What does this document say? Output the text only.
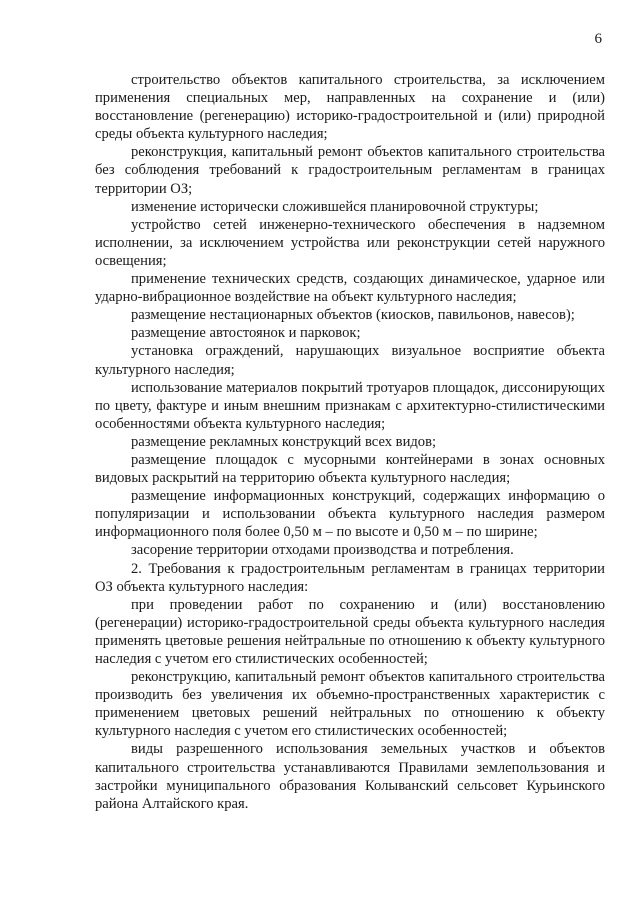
6

строительство объектов капитального строительства, за исключением применения специальных мер, направленных на сохранение и (или) восстановление (регенерацию) историко-градостроительной и (или) природной среды объекта культурного наследия;

реконструкция, капитальный ремонт объектов капитального строительства без соблюдения требований к градостроительным регламентам в границах территории ОЗ;

изменение исторически сложившейся планировочной структуры;

устройство сетей инженерно-технического обеспечения в надземном исполнении, за исключением устройства или реконструкции сетей наружного освещения;

применение технических средств, создающих динамическое, ударное или ударно-вибрационное воздействие на объект культурного наследия;

размещение нестационарных объектов (киосков, павильонов, навесов);

размещение автостоянок и парковок;

установка ограждений, нарушающих визуальное восприятие объекта культурного наследия;

использование материалов покрытий тротуаров площадок, диссонирующих по цвету, фактуре и иным внешним признакам с архитектурно-стилистическими особенностями объекта культурного наследия;

размещение рекламных конструкций всех видов;

размещение площадок с мусорными контейнерами в зонах основных видовых раскрытий на территорию объекта культурного наследия;

размещение информационных конструкций, содержащих информацию о популяризации и использовании объекта культурного наследия размером информационного поля более 0,50 м – по высоте и 0,50 м – по ширине;

засорение территории отходами производства и потребления.

2. Требования к градостроительным регламентам в границах территории ОЗ объекта культурного наследия:

при проведении работ по сохранению и (или) восстановлению (регенерации) историко-градостроительной среды объекта культурного наследия применять цветовые решения нейтральные по отношению к объекту культурного наследия с учетом его стилистических особенностей;

реконструкцию, капитальный ремонт объектов капитального строительства производить без увеличения их объемно-пространственных характеристик с применением цветовых решений нейтральных по отношению к объекту культурного наследия с учетом его стилистических особенностей;

виды разрешенного использования земельных участков и объектов капитального строительства устанавливаются Правилами землепользования и застройки муниципального образования Колыванский сельсовет Курьинского района Алтайского края.
